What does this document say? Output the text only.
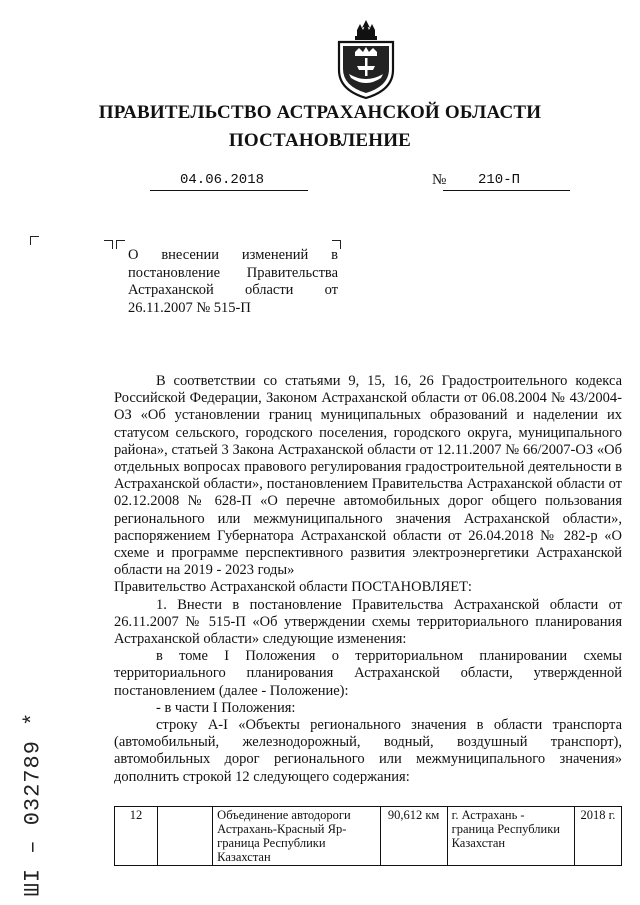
ПРАВИТЕЛЬСТВО АСТРАХАНСКОЙ ОБЛАСТИ
ПОСТАНОВЛЕНИЕ
04.06.2018	№ 210-П
О внесении изменений в
постановление Правительства
Астраханской области от
26.11.2007 № 515-П

В соответствии со статьями 9, 15, 16, 26 Градостроительного кодекса Российской Федерации, Законом Астраханской области от 06.08.2004 № 43/2004-ОЗ «Об установлении границ муниципальных образований и наделении их статусом сельского, городского поселения, городского округа, муниципального района», статьей 3 Закона Астраханской области от 12.11.2007 № 66/2007-ОЗ «Об отдельных вопросах правового регулирования градостроительной деятельности в Астраханской области», постановлением Правительства Астраханской области от 02.12.2008 № 628-П «О перечне автомобильных дорог общего пользования регионального или межмуниципального значения Астраханской области», распоряжением Губернатора Астраханской области от 26.04.2018 № 282-р «О схеме и программе перспективного развития электроэнергетики Астраханской области на 2019 - 2023 годы»

Правительство Астраханской области ПОСТАНОВЛЯЕТ:

1. Внести в постановление Правительства Астраханской области от 26.11.2007 № 515-П «Об утверждении схемы территориального планирования Астраханской области» следующие изменения:

в томе I Положения о территориальном планировании схемы территориального планирования Астраханской области, утвержденной постановлением (далее - Положение):

- в части I Положения:

строку А-I «Объекты регионального значения в области транспорта (автомобильный, железнодорожный, водный, воздушный транспорт), автомобильных дорог регионального или межмуниципального значения» дополнить строкой 12 следующего содержания:

12		Объединение автодороги Астрахань-Красный Яр-граница Республики Казахстан	90,612 км	г. Астрахань - граница Республики Казахстан	2018 г.
ШI – 032789 *
